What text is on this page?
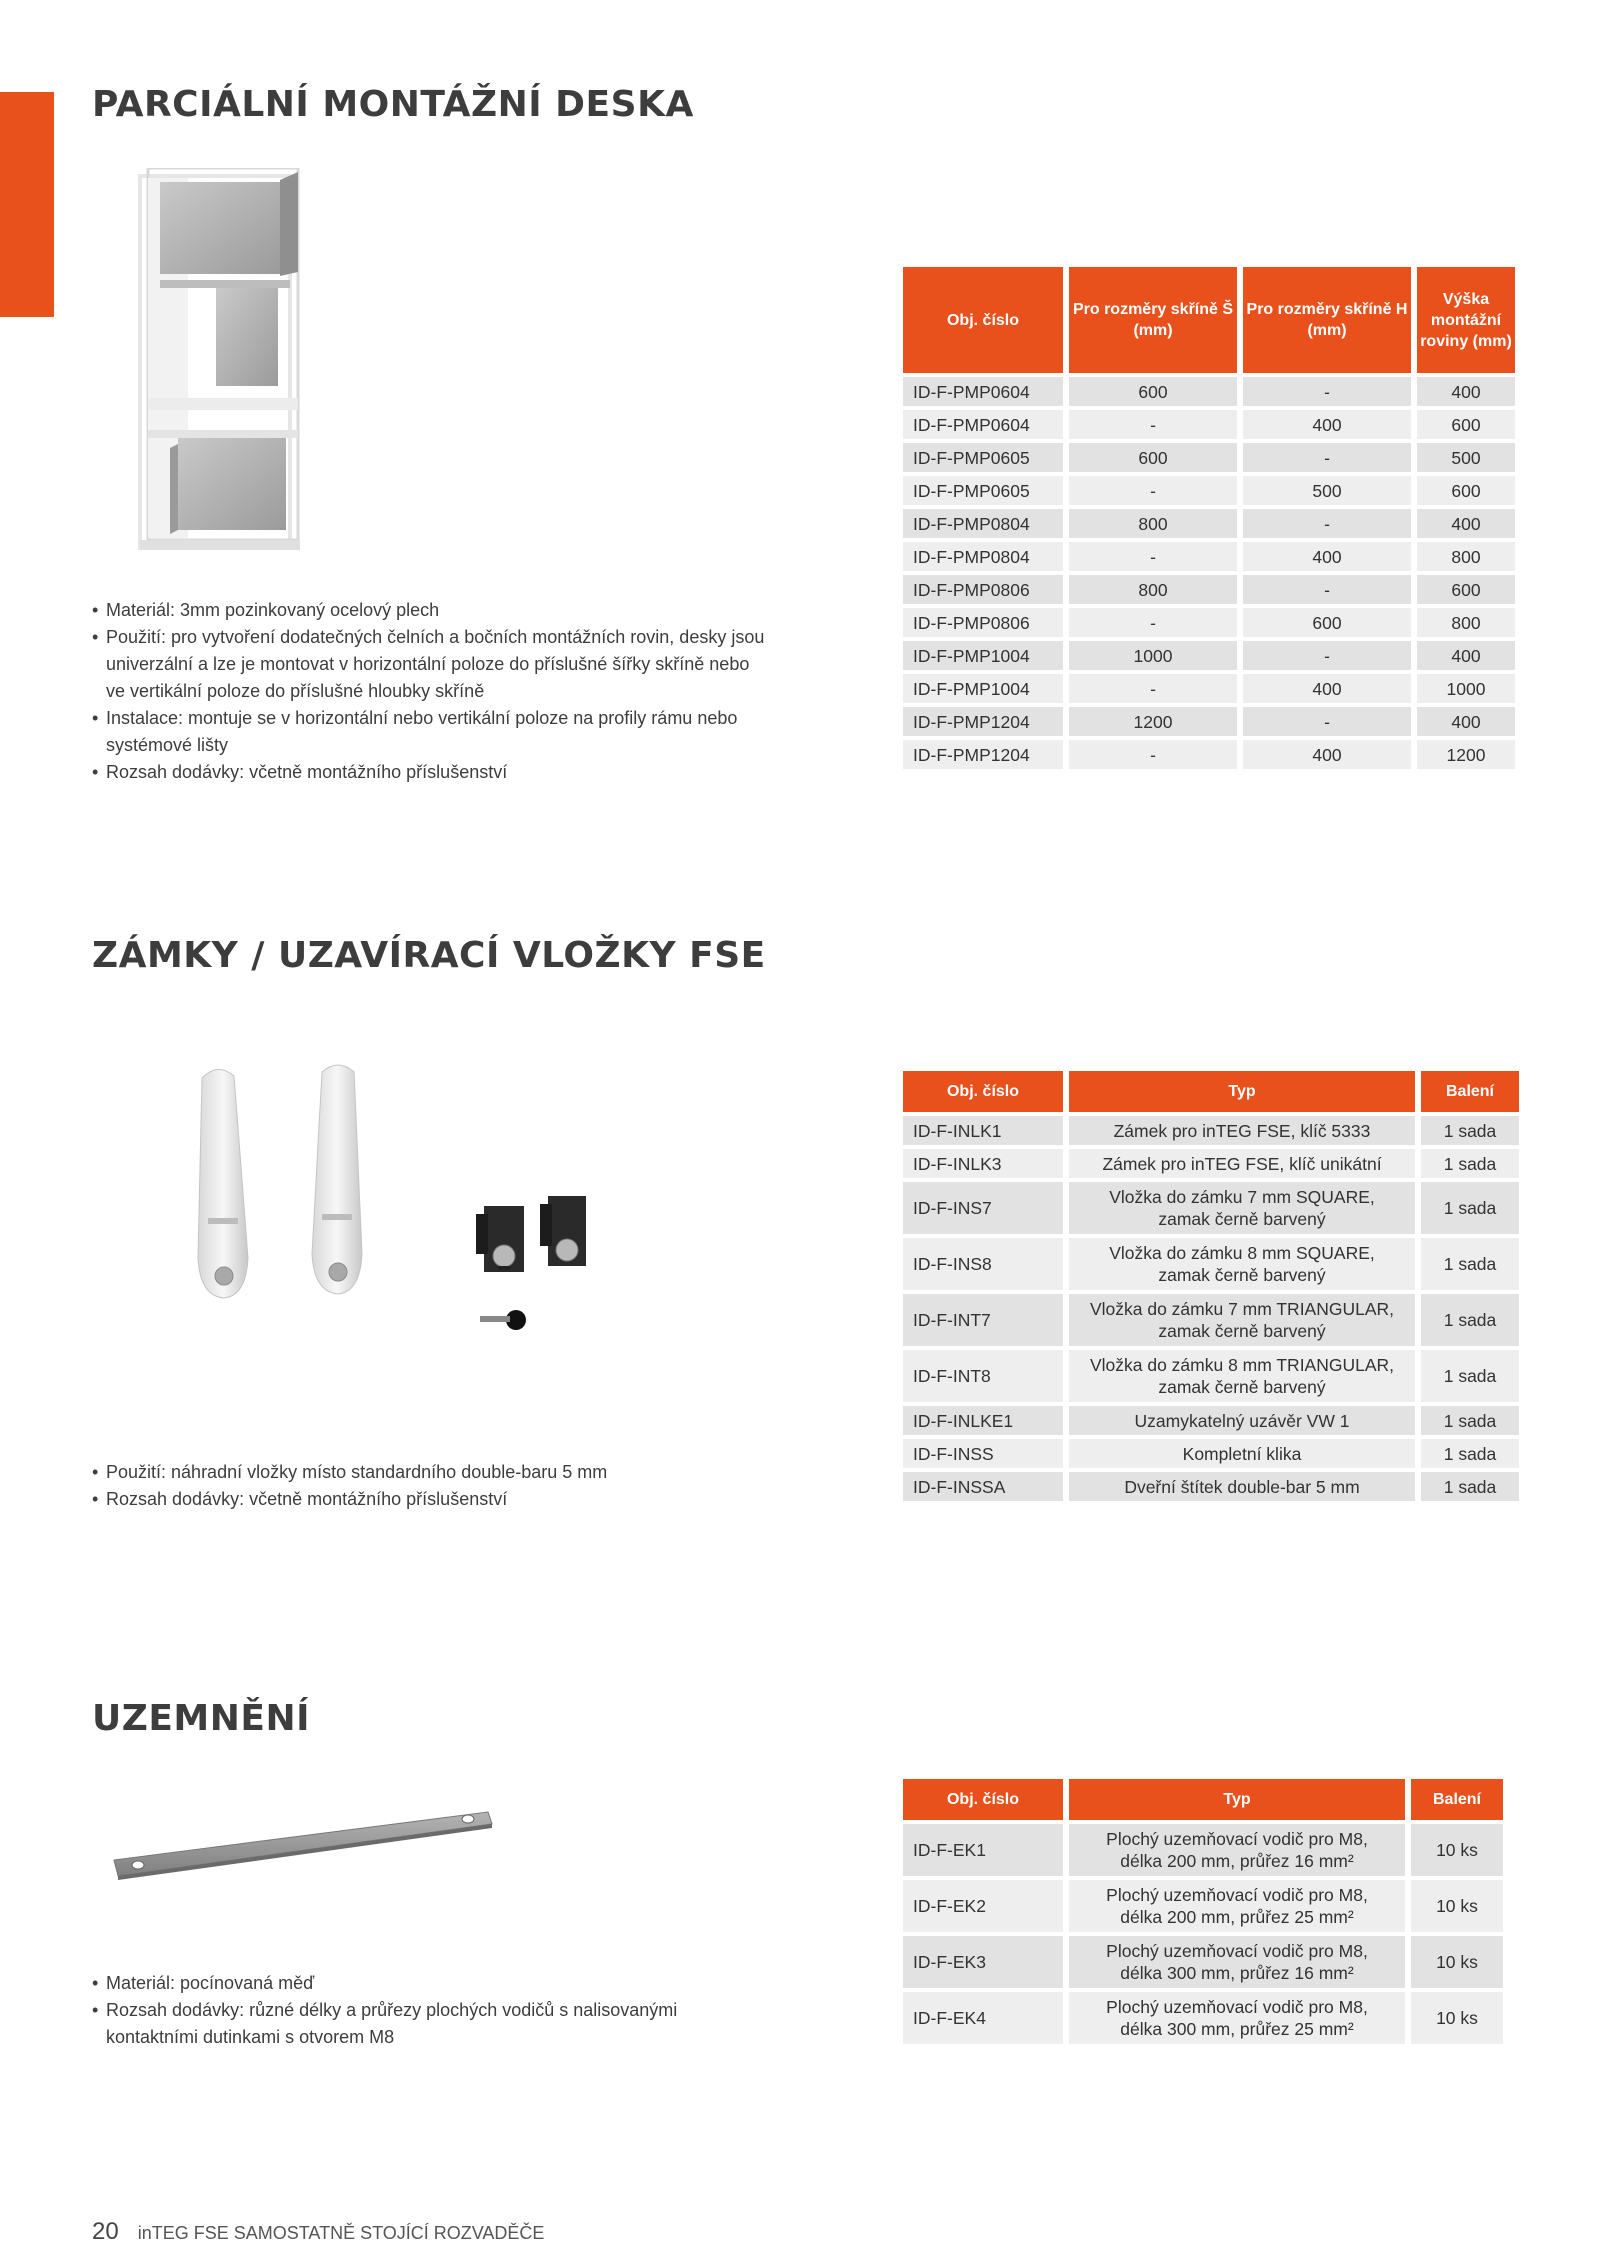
PARCIÁLNÍ MONTÁŽNÍ DESKA
• Materiál: 3mm pozinkovaný ocelový plech
• Použití: pro vytvoření dodatečných čelních a bočních montážních rovin, desky jsou univerzální a lze je montovat v horizontální poloze do příslušné šířky skříně nebo ve vertikální poloze do příslušné hloubky skříně
• Instalace: montuje se v horizontální nebo vertikální poloze na profily rámu nebo systémové lišty
• Rozsah dodávky: včetně montážního příslušenství
Obj. číslo	Pro rozměry skříně Š (mm)	Pro rozměry skříně H (mm)	Výška montážní roviny (mm)
ID-F-PMP0604	600	-	400
ID-F-PMP0604	-	400	600
ID-F-PMP0605	600	-	500
ID-F-PMP0605	-	500	600
ID-F-PMP0804	800	-	400
ID-F-PMP0804	-	400	800
ID-F-PMP0806	800	-	600
ID-F-PMP0806	-	600	800
ID-F-PMP1004	1000	-	400
ID-F-PMP1004	-	400	1000
ID-F-PMP1204	1200	-	400
ID-F-PMP1204	-	400	1200
ZÁMKY / UZAVÍRACÍ VLOŽKY FSE
• Použití: náhradní vložky místo standardního double-baru 5 mm
• Rozsah dodávky: včetně montážního příslušenství
Obj. číslo	Typ	Balení
ID-F-INLK1	Zámek pro inTEG FSE, klíč 5333	1 sada
ID-F-INLK3	Zámek pro inTEG FSE, klíč unikátní	1 sada
ID-F-INS7	Vložka do zámku 7 mm SQUARE, zamak černě barvený	1 sada
ID-F-INS8	Vložka do zámku 8 mm SQUARE, zamak černě barvený	1 sada
ID-F-INT7	Vložka do zámku 7 mm TRIANGULAR, zamak černě barvený	1 sada
ID-F-INT8	Vložka do zámku 8 mm TRIANGULAR, zamak černě barvený	1 sada
ID-F-INLKE1	Uzamykatelný uzávěr VW 1	1 sada
ID-F-INSS	Kompletní klika	1 sada
ID-F-INSSA	Dveřní štítek double-bar 5 mm	1 sada
UZEMNĚNÍ
• Materiál: pocínovaná měď
• Rozsah dodávky: různé délky a průřezy plochých vodičů s nalisovanými kontaktními dutinkami s otvorem M8
Obj. číslo	Typ	Balení
ID-F-EK1	Plochý uzemňovací vodič pro M8, délka 200 mm, průřez 16 mm²	10 ks
ID-F-EK2	Plochý uzemňovací vodič pro M8, délka 200 mm, průřez 25 mm²	10 ks
ID-F-EK3	Plochý uzemňovací vodič pro M8, délka 300 mm, průřez 16 mm²	10 ks
ID-F-EK4	Plochý uzemňovací vodič pro M8, délka 300 mm, průřez 25 mm²	10 ks
20 inTEG FSE SAMOSTATNĚ STOJÍCÍ ROZVADĚČE
